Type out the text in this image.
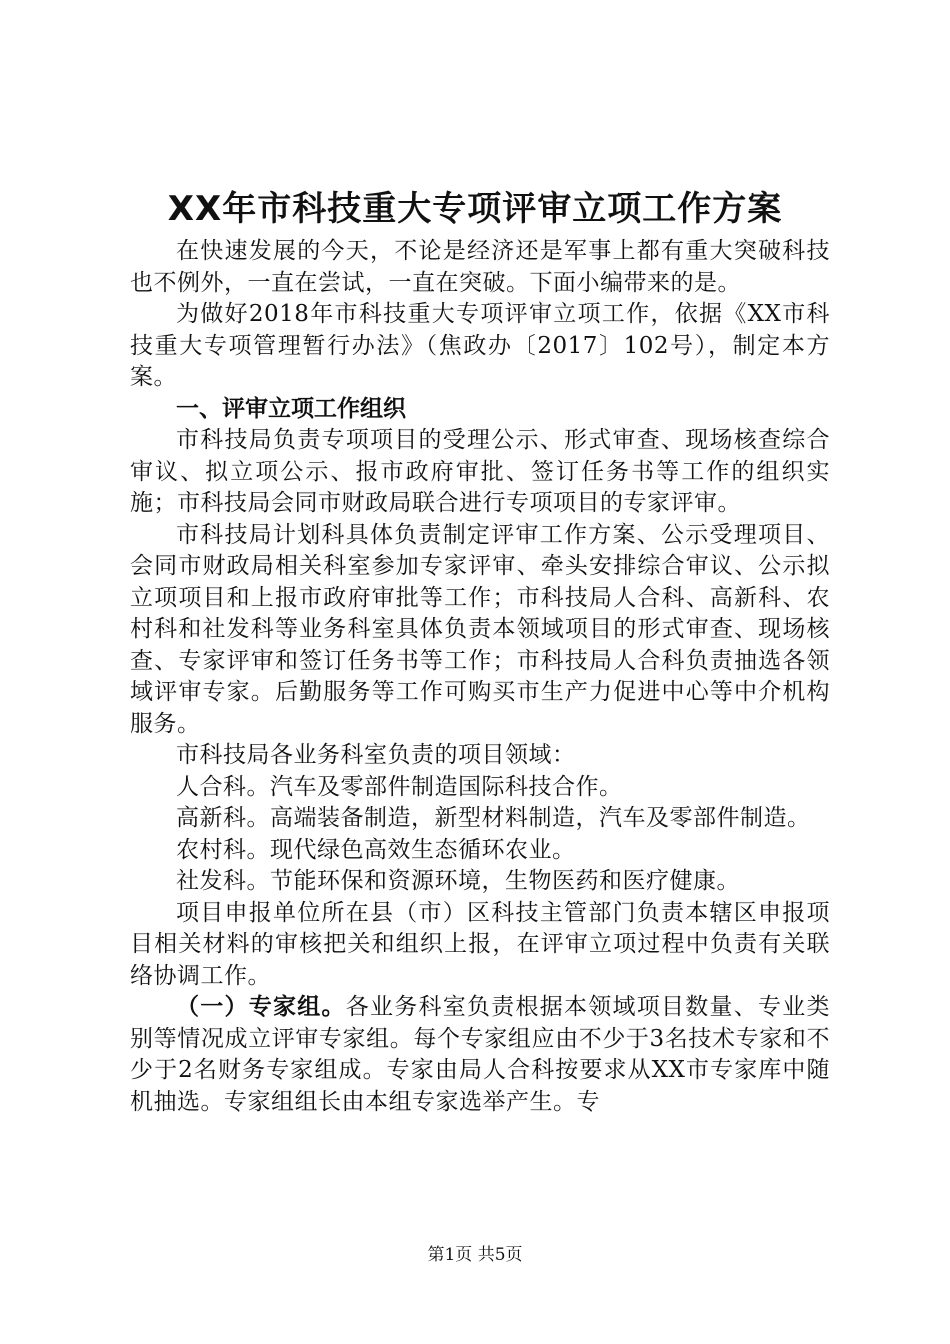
XX年市科技重大专项评审立项工作方案

在快速发展的今天，不论是经济还是军事上都有重大突破科技也不例外，一直在尝试，一直在突破。下面小编带来的是。

为做好2018年市科技重大专项评审立项工作，依据《XX市科技重大专项管理暂行办法》（焦政办〔2017〕102号），制定本方案。

一、评审立项工作组织

市科技局负责专项项目的受理公示、形式审查、现场核查综合审议、拟立项公示、报市政府审批、签订任务书等工作的组织实施；市科技局会同市财政局联合进行专项项目的专家评审。

市科技局计划科具体负责制定评审工作方案、公示受理项目、会同市财政局相关科室参加专家评审、牵头安排综合审议、公示拟立项项目和上报市政府审批等工作；市科技局人合科、高新科、农村科和社发科等业务科室具体负责本领域项目的形式审查、现场核查、专家评审和签订任务书等工作；市科技局人合科负责抽选各领域评审专家。后勤服务等工作可购买市生产力促进中心等中介机构服务。

市科技局各业务科室负责的项目领域：

人合科。汽车及零部件制造国际科技合作。

高新科。高端装备制造，新型材料制造，汽车及零部件制造。

农村科。现代绿色高效生态循环农业。

社发科。节能环保和资源环境，生物医药和医疗健康。

项目申报单位所在县（市）区科技主管部门负责本辖区申报项目相关材料的审核把关和组织上报，在评审立项过程中负责有关联络协调工作。

（一）专家组。各业务科室负责根据本领域项目数量、专业类别等情况成立评审专家组。每个专家组应由不少于3名技术专家和不少于2名财务专家组成。专家由局人合科按要求从XX市专家库中随机抽选。专家组组长由本组专家选举产生。专

第1页 共5页
